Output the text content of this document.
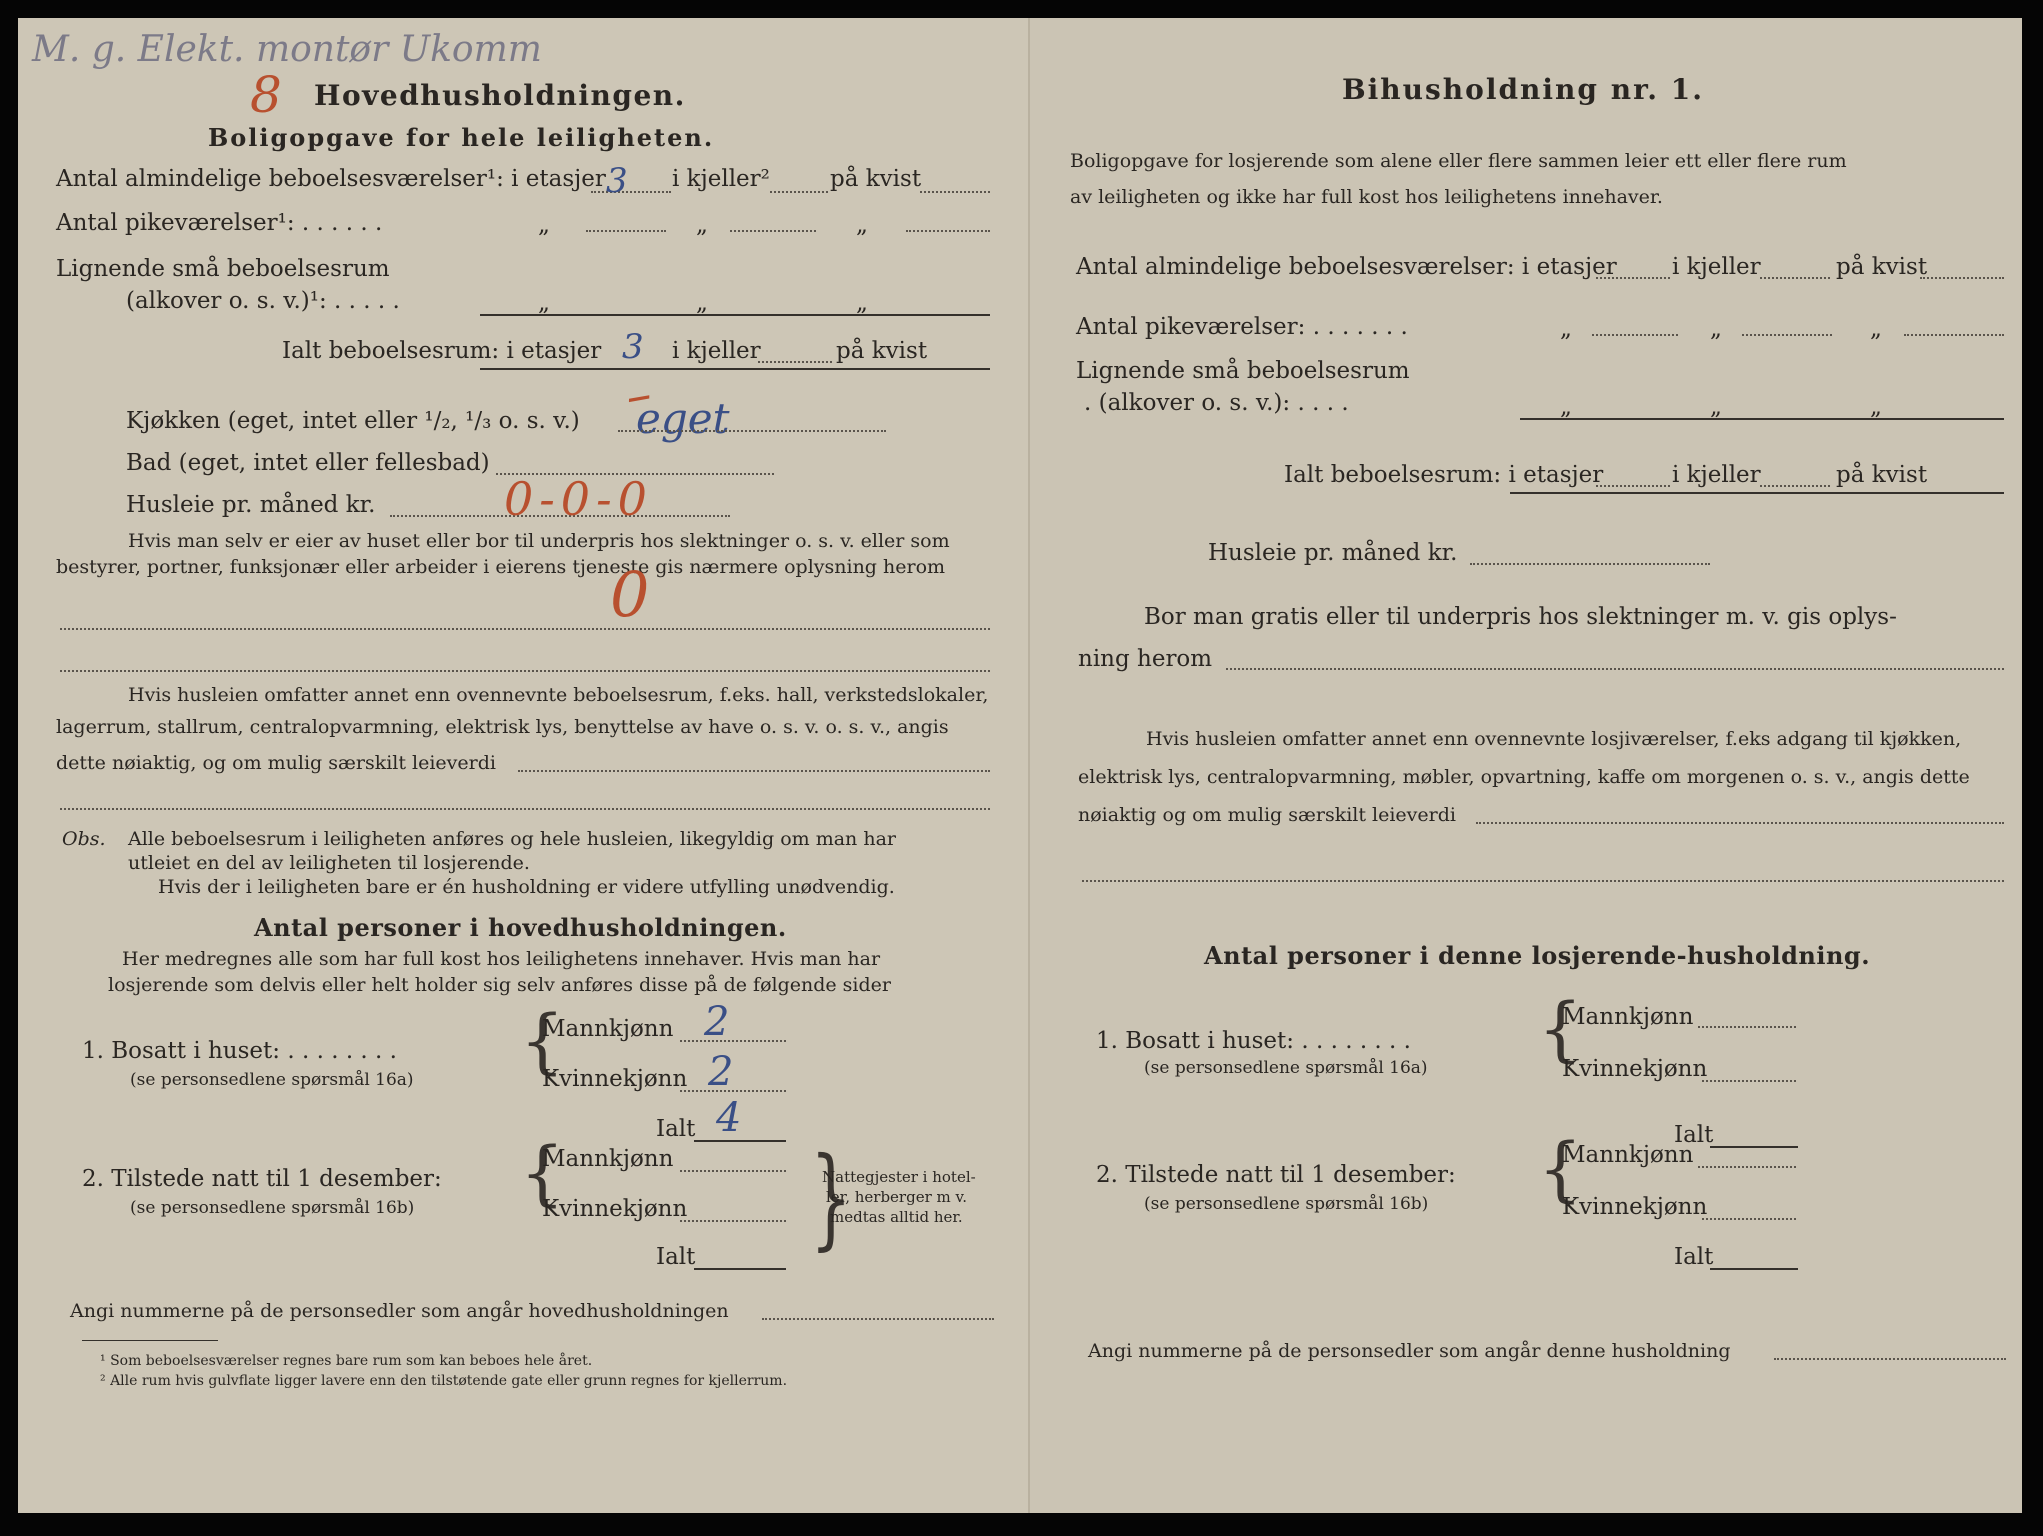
M. g. Elekt. montør Ukomm
8 Hovedhusholdningen.
Boligopgave for hele leiligheten.
Antal almindelige beboelsesværelser¹: i etasjer 3 i kjeller²	på kvist
Antal pikeværelser¹: . . . . . .	„	„	„
Lignende små beboelsesrum
(alkover o. s. v.)¹: . . . . .	„	„	„
Ialt beboelsesrum: i etasjer 3 i kjeller	på kvist
Kjøkken (eget, intet eller ¹/₂, ¹/₃ o. s. v.) –
eget
Bad (eget, intet eller fellesbad)
Husleie pr. måned kr.	0-0-0
Hvis man selv er eier av huset eller bor til underpris hos slektninger o. s. v. eller som
bestyrer, portner, funksjonær eller arbeider i eierens tjeneste gis nærmere oplysning herom
0
Hvis husleien omfatter annet enn ovennevnte beboelsesrum, f.eks. hall, verkstedslokaler,
lagerrum, stallrum, centralopvarmning, elektrisk lys, benyttelse av have o. s. v. o. s. v., angis
dette nøiaktig, og om mulig særskilt leieverdi
Obs. Alle beboelsesrum i leiligheten anføres og hele husleien, likegyldig om man har
utleiet en del av leiligheten til losjerende.
Hvis der i leiligheten bare er én husholdning er videre utfylling unødvendig.
Antal personer i hovedhusholdningen.
Her medregnes alle som har full kost hos leilighetens innehaver. Hvis man har
losjerende som delvis eller helt holder sig selv anføres disse på de følgende sider
1. Bosatt i huset: . . . . . . . .
(se personsedlene spørsmål 16a) {
Mannkjønn 2
Kvinnekjønn 2
Ialt 4
2. Tilstede natt til 1 desember:
(se personsedlene spørsmål 16b) {
Mannkjønn
Kvinnekjønn
Ialt }
Nattegjester i hotel-
ler, herberger m v.
medtas alltid her.
Angi nummerne på de personsedler som angår hovedhusholdningen
¹ Som beboelsesværelser regnes bare rum som kan beboes hele året.
² Alle rum hvis gulvflate ligger lavere enn den tilstøtende gate eller grunn regnes for kjellerrum.
Bihusholdning nr. 1.
Boligopgave for losjerende som alene eller flere sammen leier ett eller flere rum
av leiligheten og ikke har full kost hos leilighetens innehaver.
Antal almindelige beboelsesværelser: i etasjer i kjeller	på kvist
Antal pikeværelser: . . . . . . .	„	„	„
Lignende små beboelsesrum
. (alkover o. s. v.): . . . .	„	„	„
Ialt beboelsesrum: i etasjer	i kjeller	på kvist
Husleie pr. måned kr.
Bor man gratis eller til underpris hos slektninger m. v. gis oplys-
ning herom
Hvis husleien omfatter annet enn ovennevnte losjiværelser, f.eks adgang til kjøkken,
elektrisk lys, centralopvarmning, møbler, opvartning, kaffe om morgenen o. s. v., angis dette
nøiaktig og om mulig særskilt leieverdi
Antal personer i denne losjerende-husholdning.
1. Bosatt i huset: . . . . . . . .
(se personsedlene spørsmål 16a) {
Mannkjønn
Kvinnekjønn
Ialt
2. Tilstede natt til 1 desember:
(se personsedlene spørsmål 16b) {
Mannkjønn
Kvinnekjønn
Ialt
Angi nummerne på de personsedler som angår denne husholdning
